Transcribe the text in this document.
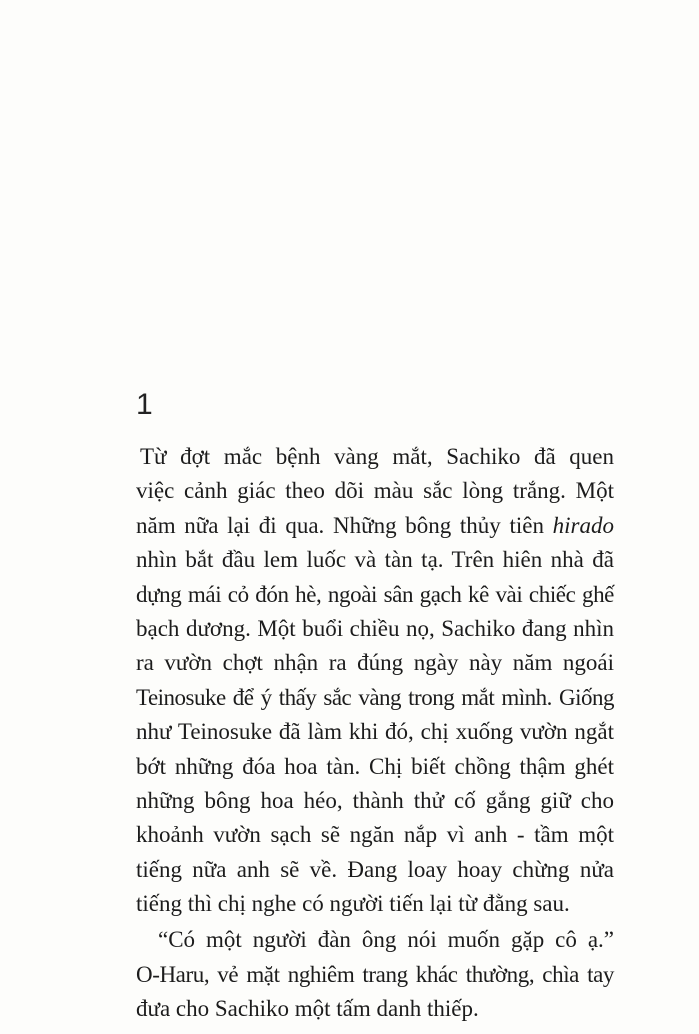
1
Từ đợt mắc bệnh vàng mắt, Sachiko đã quen
việc cảnh giác theo dõi màu sắc lòng trắng. Một
năm nữa lại đi qua. Những bông thủy tiên hirado
nhìn bắt đầu lem luốc và tàn tạ. Trên hiên nhà đã
dựng mái cỏ đón hè, ngoài sân gạch kê vài chiếc ghế
bạch dương. Một buổi chiều nọ, Sachiko đang nhìn
ra vườn chợt nhận ra đúng ngày này năm ngoái
Teinosuke để ý thấy sắc vàng trong mắt mình. Giống
như Teinosuke đã làm khi đó, chị xuống vườn ngắt
bớt những đóa hoa tàn. Chị biết chồng thậm ghét
những bông hoa héo, thành thử cố gắng giữ cho
khoảnh vườn sạch sẽ ngăn nắp vì anh - tầm một
tiếng nữa anh sẽ về. Đang loay hoay chừng nửa
tiếng thì chị nghe có người tiến lại từ đằng sau.
“Có một người đàn ông nói muốn gặp cô ạ.”
O-Haru, vẻ mặt nghiêm trang khác thường, chìa tay
đưa cho Sachiko một tấm danh thiếp.
